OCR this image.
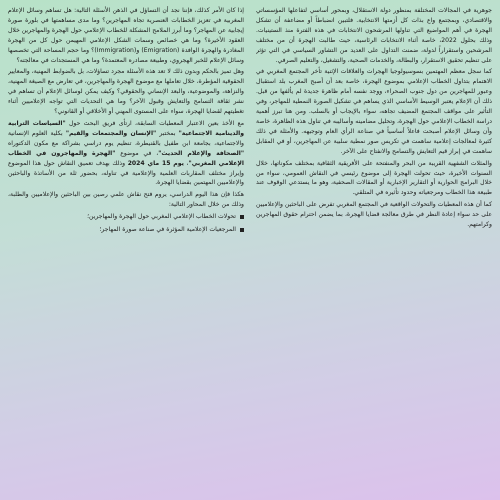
جوهرية في المجالات المختلفة بمنظور دولة الاستقلال، وبمحور أساسي لتفاعلها المؤسساتي والاقتصادي، وبمجتمع واع بذات كل أزمتها الانتخابية. فلتبين انضباطاً أو مضاعفة أن تشكل الهجرة في أهم المواضيع التي تناولها المرشحون الانتخابات في هذه الفترة منذ الستينيات. وذلك بحلول 2022، خاصة أثناء الانتخابات الرئاسية، حيث طالبت الهجرة أن من مختلف المرشحين واستقراراً لدولة، ضمنت التداول على العديد من التشاور السياسي في التي تؤثر على تنظيم تحقيق الاستقرار، والبطالة، والخدمات الصحية، والتشغيل، والتعليم الصرفي.

كما سجل معظم المهتمين بسوسيولوجيا الهجرات والعلاقات الإثنية تأخر المجتمع المغربي في الاهتمام بتداول الخطاب الإعلامي بموضوع الهجرة، خاصة بعد أن أصبح المغرب بلد استقبال وعبور للمهاجرين من دول جنوب الصحراء، ووجد نفسه أمام ظاهرة جديدة لم يألفها من قبل. ذلك أن الإعلام يعتبر الوسيط الأساسي الذي يساهم في تشكيل الصورة النمطية للمهاجر، وفي التأثير على مواقف المجتمع المضيف تجاهه، سواء بالإيجاب أو بالسلب. ومن هنا تبرز أهمية دراسة الخطاب الإعلامي حول الهجرة، وتحليل مضامينه وأساليبه في تناول هذه الظاهرة، خاصة وأن وسائل الإعلام أصبحت فاعلاً أساسياً في صناعة الرأي العام وتوجيهه. والأمثلة في ذلك كثيرة لمعالجات إعلامية ساهمت في تكريس صور نمطية سلبية عن المهاجرين، أو في المقابل ساهمت في إبراز قيم التعايش والتسامح والانفتاح على الآخر.

والمثلات الشفهية القريبة من البحر والمنفتحة على الأفريقية الثقافية بمختلف مكوناتها، خلال السنوات الأخيرة، حيث تحولت الهجرة إلى موضوع رئيسي في النقاش العمومي، سواء من خلال البرامج الحوارية أو التقارير الإخبارية أو المقالات الصحفية، وهو ما يستدعي الوقوف عند طبيعة هذا الخطاب ومرجعياته وحدود تأثيره في المتلقي.

كما أن هذه المعطيات والتحولات الواقعية في المجتمع المغربي تفرض على الباحثين والإعلاميين على حد سواء إعادة النظر في طرق معالجة قضايا الهجرة، بما يضمن احترام حقوق المهاجرين وكرامتهم.

إذا كان الأمر كذلك، فإننا نجد أن التساؤل في الذهن الأسئلة التالية: هل تساهم وسائل الإعلام المغربية في تعزيز الخطابات العنصرية تجاه المهاجرين؟ وما مدى مساهمتها في بلورة صورة إيجابية عن المهاجر؟ وما أبرز الملامح المشكلة للخطاب الإعلامي حول الهجرة والمهاجرين خلال العقود الأخيرة؟ وما هي خصائص وسمات الشكل الإعلامي المهيمن حول كل من الهجرة المغادرة والهجرة الوافدة (Emigration) و(Immigration)؟ وما حجم المساحة التي تخصصها وسائل الإعلام للخبر الهجروي، وطبيعة مصادره المعتمدة؟ وما هي المستجدات في معالجته؟

وهل تميز بالحكم وبدون ذلك لا تعد هذه الأسئلة مجرد تساؤلات، بل بالضوابط المهنية، والمعايير الحقوقية المؤطرة، خلال تعاملها مع موضوع الهجرة والمهاجرين، في تعارض مع الصيغة المهنية، والنزاهة، والموضوعية، والبعد الإنساني والحقوقي؟ وكيف يمكن لوسائل الإعلام أن تساهم في نشر ثقافة التسامح والتعايش وقبول الآخر؟ وما هي التحديات التي تواجه الإعلاميين أثناء تغطيتهم لقضايا الهجرة، سواء على المستوى المهني أو الأخلاقي أو القانوني؟

مع الأخذ بعين الاعتبار المعطيات السابقة، ارتأى فريق البحث حول "السياسات الترابية والدينامية الاجتماعية" بمختبر "الإنسان والمجتمعات والقيم" بكلية العلوم الإنسانية والاجتماعية، بجامعة ابن طفيل بالقنيطرة، تنظيم يوم دراسي بشراكة مع مكون الدكتوراه "الصحافة والإعلام الحديث"، في موضوع "الهجرة والمهاجرون في الخطاب الإعلامي المغربي"، يوم 15 ماي 2024 وذلك بهدف تعميق النقاش حول هذا الموضوع وإبراز مختلف المقاربات العلمية والإعلامية في تناوله، بحضور ثلة من الأساتذة والباحثين والإعلاميين المهتمين بقضايا الهجرة.

هكذا فإن هذا اليوم الدراسي، يروم فتح نقاش علمي رصين بين الباحثين والإعلاميين والطلبة، وذلك من خلال المحاور التالية:

تحولات الخطاب الإعلامي المغربي حول الهجرة والمهاجرين؛
المرجعيات الإعلامية المؤثرة في صناعة صورة المهاجر؛
